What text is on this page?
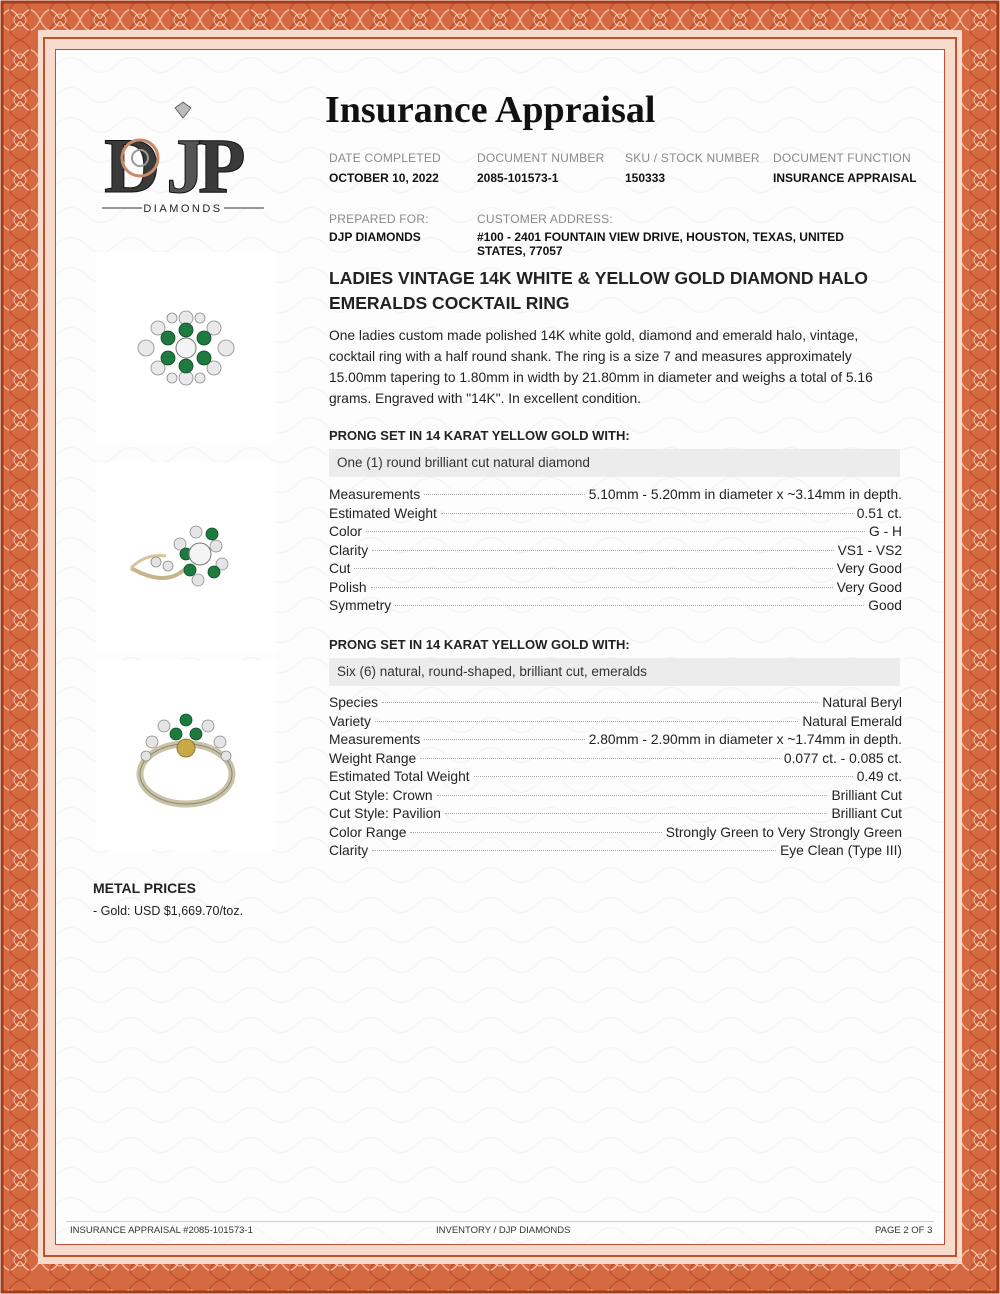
D J
P
DIAMONDS
Insurance Appraisal
DATE COMPLETED
OCTOBER 10, 2022
DOCUMENT NUMBER
2085-101573-1
SKU / STOCK NUMBER
150333
DOCUMENT FUNCTION
INSURANCE APPRAISAL
PREPARED FOR:
DJP DIAMONDS
CUSTOMER ADDRESS:
#100 - 2401 FOUNTAIN VIEW DRIVE, HOUSTON, TEXAS, UNITED STATES, 77057
LADIES VINTAGE 14K WHITE & YELLOW GOLD DIAMOND HALO EMERALDS COCKTAIL RING

One ladies custom made polished 14K white gold, diamond and emerald halo, vintage, cocktail ring with a half round shank. The ring is a size 7 and measures approximately 15.00mm tapering to 1.80mm in width by 21.80mm in diameter and weighs a total of 5.16 grams. Engraved with "14K". In excellent condition.

PRONG SET IN 14 KARAT YELLOW GOLD WITH:
One (1) round brilliant cut natural diamond
Measurements	5.10mm - 5.20mm in diameter x ~3.14mm in depth.
Estimated Weight	0.51 ct.
Color	G - H
Clarity	VS1 - VS2
Cut	Very Good
Polish	Very Good
Symmetry	Good
PRONG SET IN 14 KARAT YELLOW GOLD WITH:
Six (6) natural, round-shaped, brilliant cut, emeralds
Species	Natural Beryl
Variety	Natural Emerald
Measurements	2.80mm - 2.90mm in diameter x ~1.74mm in depth.
Weight Range	0.077 ct. - 0.085 ct.
Estimated Total Weight	0.49 ct.
Cut Style: Crown	Brilliant Cut
Cut Style: Pavilion	Brilliant Cut
Color Range	Strongly Green to Very Strongly Green
Clarity	Eye Clean (Type III)
METAL PRICES
- Gold: USD $1,669.70/toz.
INSURANCE APPRAISAL #2085-101573-1	INVENTORY / DJP DIAMONDS	PAGE 2 OF 3
